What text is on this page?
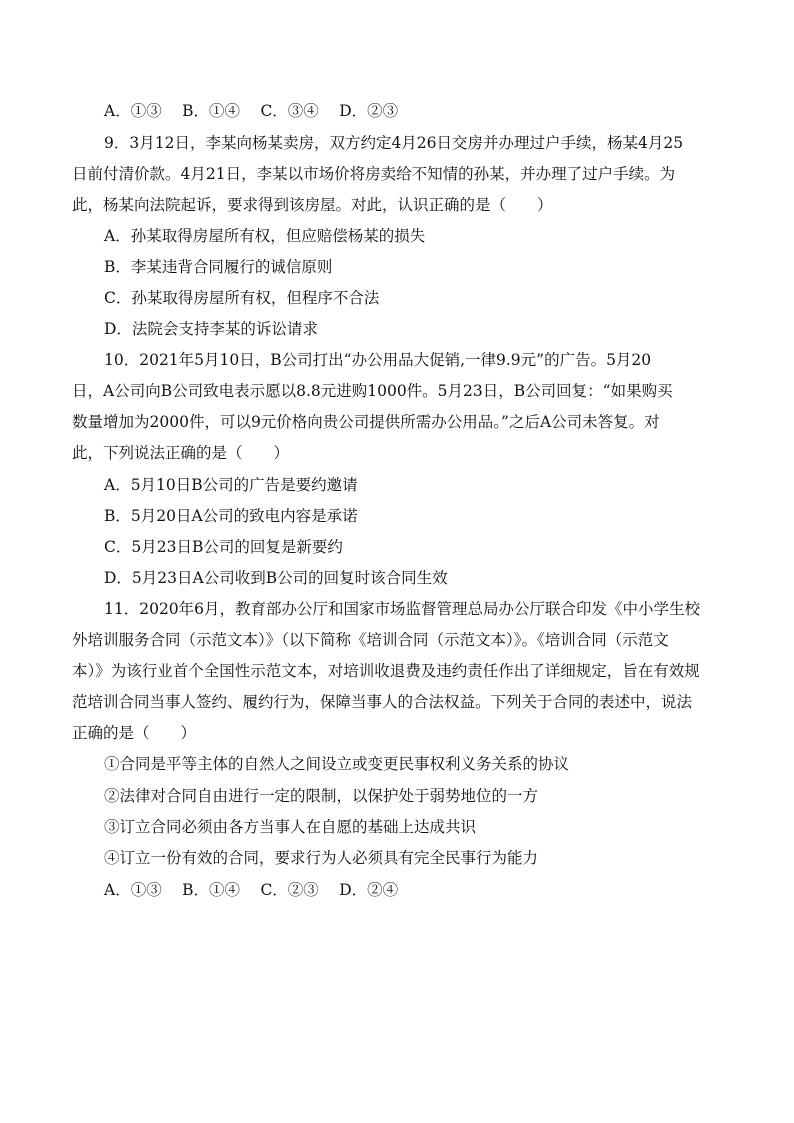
A．①③　 B．①④　 C．③④　 D．②③
9．3月12日，李某向杨某卖房，双方约定4月26日交房并办理过户手续，杨某4月25
日前付清价款。4月21日，李某以市场价将房卖给不知情的孙某，并办理了过户手续。为
此，杨某向法院起诉，要求得到该房屋。对此，认识正确的是（　　）
A．孙某取得房屋所有权，但应赔偿杨某的损失
B．李某违背合同履行的诚信原则
C．孙某取得房屋所有权，但程序不合法
D．法院会支持李某的诉讼请求
10．2021年5月10日，B公司打出“办公用品大促销,一律9.9元”的广告。5月20
日，A公司向B公司致电表示愿以8.8元进购1000件。5月23日，B公司回复：“如果购买
数量增加为2000件，可以9元价格向贵公司提供所需办公用品。”之后A公司未答复。对
此，下列说法正确的是（　　）
A．5月10日B公司的广告是要约邀请
B．5月20日A公司的致电内容是承诺
C．5月23日B公司的回复是新要约
D．5月23日A公司收到B公司的回复时该合同生效
11．2020年6月，教育部办公厅和国家市场监督管理总局办公厅联合印发《中小学生校
外培训服务合同（示范文本）》（以下简称《培训合同（示范文本）》。《培训合同（示范文
本）》为该行业首个全国性示范文本，对培训收退费及违约责任作出了详细规定，旨在有效规
范培训合同当事人签约、履约行为，保障当事人的合法权益。下列关于合同的表述中，说法
正确的是（　　）
①合同是平等主体的自然人之间设立或变更民事权利义务关系的协议
②法律对合同自由进行一定的限制，以保护处于弱势地位的一方
③订立合同必须由各方当事人在自愿的基础上达成共识
④订立一份有效的合同，要求行为人必须具有完全民事行为能力
A．①③　 B．①④　 C．②③　 D．②④
